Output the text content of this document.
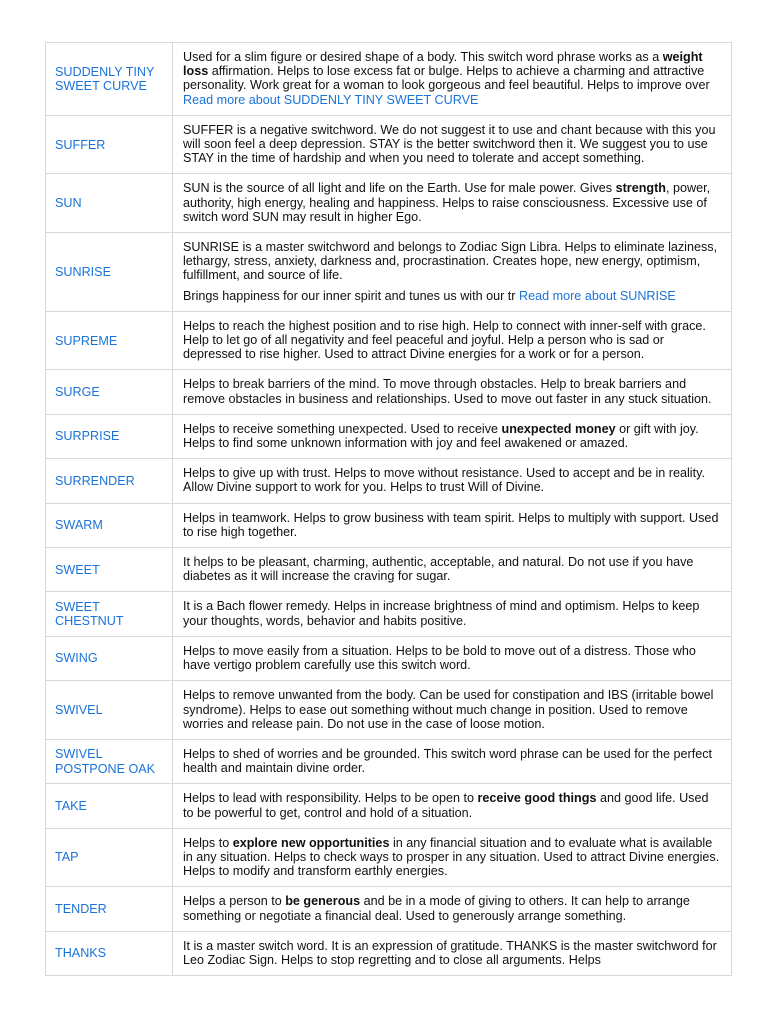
SUDDENLY TINY SWEET CURVE	Used for a slim figure or desired shape of a body. This switch word phrase works as a weight loss affirmation. Helps to lose excess fat or bulge. Helps to achieve a charming and attractive personality. Work great for a woman to look gorgeous and feel beautiful. Helps to improve over Read more about SUDDENLY TINY SWEET CURVE

SUFFER	SUFFER is a negative switchword. We do not suggest it to use and chant because with this you will soon feel a deep depression. STAY is the better switchword then it. We suggest you to use STAY in the time of hardship and when you need to tolerate and accept something.

SUN	SUN is the source of all light and life on the Earth. Use for male power. Gives strength, power, authority, high energy, healing and happiness. Helps to raise consciousness. Excessive use of switch word SUN may result in higher Ego.

SUNRISE	SUNRISE is a master switchword and belongs to Zodiac Sign Libra. Helps to eliminate laziness, lethargy, stress, anxiety, darkness and, procrastination. Creates hope, new energy, optimism, fulfillment, and source of life.

Brings happiness for our inner spirit and tunes us with our tr Read more about SUNRISE

SUPREME	Helps to reach the highest position and to rise high. Help to connect with inner-self with grace. Help to let go of all negativity and feel peaceful and joyful. Help a person who is sad or depressed to rise higher. Used to attract Divine energies for a work or for a person.

SURGE	Helps to break barriers of the mind. To move through obstacles. Help to break barriers and remove obstacles in business and relationships. Used to move out faster in any stuck situation.

SURPRISE	Helps to receive something unexpected. Used to receive unexpected money or gift with joy. Helps to find some unknown information with joy and feel awakened or amazed.

SURRENDER	Helps to give up with trust. Helps to move without resistance. Used to accept and be in reality. Allow Divine support to work for you. Helps to trust Will of Divine.

SWARM	Helps in teamwork. Helps to grow business with team spirit. Helps to multiply with support. Used to rise high together.

SWEET	It helps to be pleasant, charming, authentic, acceptable, and natural. Do not use if you have diabetes as it will increase the craving for sugar.

SWEET CHESTNUT	It is a Bach flower remedy. Helps in increase brightness of mind and optimism. Helps to keep your thoughts, words, behavior and habits positive.

SWING	Helps to move easily from a situation. Helps to be bold to move out of a distress. Those who have vertigo problem carefully use this switch word.

SWIVEL	Helps to remove unwanted from the body. Can be used for constipation and IBS (irritable bowel syndrome). Helps to ease out something without much change in position. Used to remove worries and release pain. Do not use in the case of loose motion.

SWIVEL POSTPONE OAK	Helps to shed of worries and be grounded. This switch word phrase can be used for the perfect health and maintain divine order.

TAKE	Helps to lead with responsibility. Helps to be open to receive good things and good life. Used to be powerful to get, control and hold of a situation.

TAP	Helps to explore new opportunities in any financial situation and to evaluate what is available in any situation. Helps to check ways to prosper in any situation. Used to attract Divine energies. Helps to modify and transform earthly energies.

TENDER	Helps a person to be generous and be in a mode of giving to others. It can help to arrange something or negotiate a financial deal. Used to generously arrange something.

THANKS	It is a master switch word. It is an expression of gratitude. THANKS is the master switchword for Leo Zodiac Sign. Helps to stop regretting and to close all arguments. Helps
